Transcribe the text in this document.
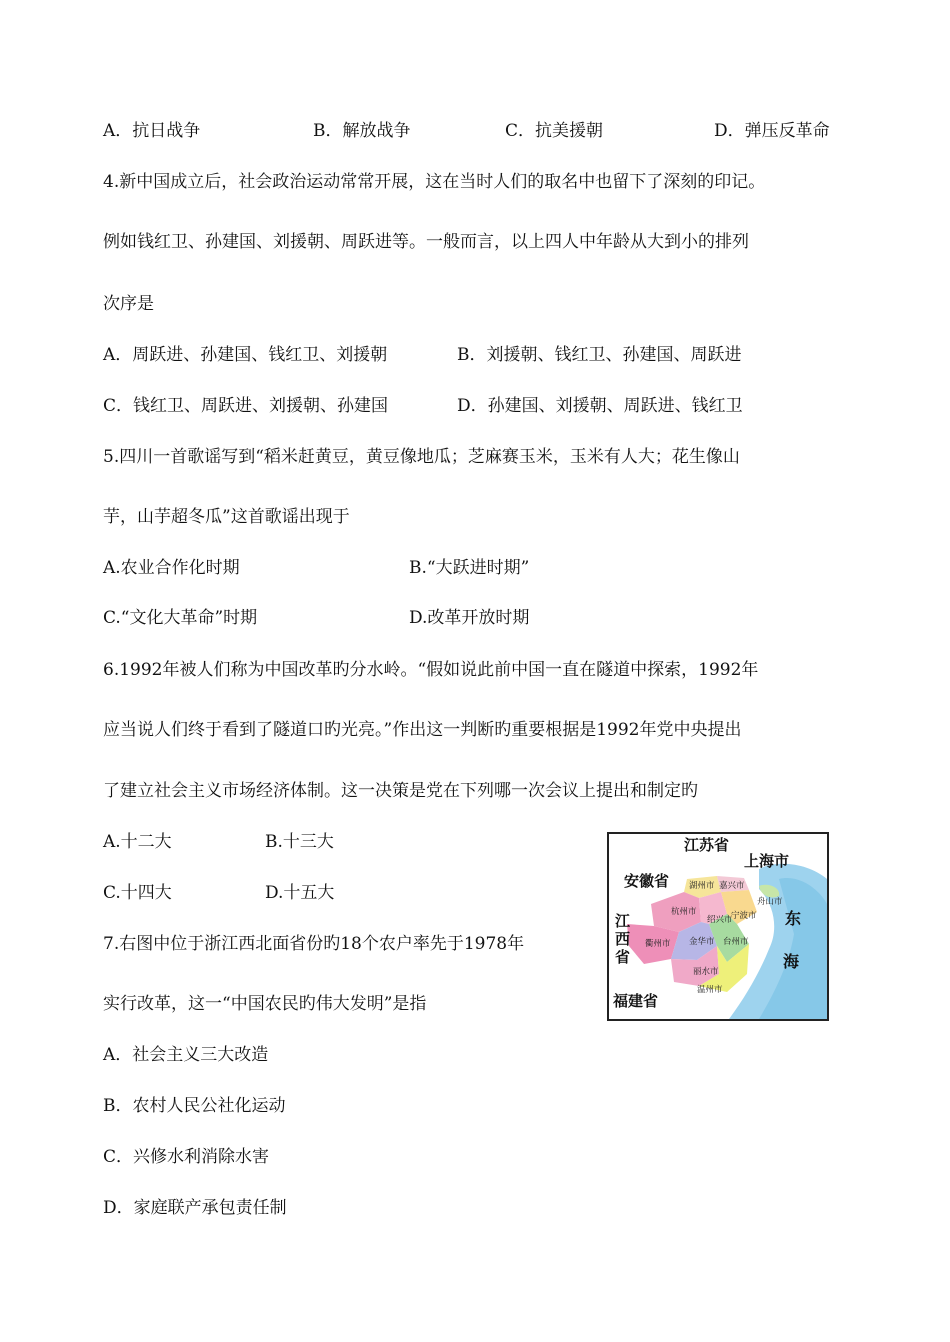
A．抗日战争	B．解放战争	C．抗美援朝	D．弹压反革命
4.新中国成立后，社会政治运动常常开展，这在当时人们的取名中也留下了深刻的印记。
例如钱红卫、孙建国、刘援朝、周跃进等。一般而言，以上四人中年龄从大到小的排列
次序是
A．周跃进、孙建国、钱红卫、刘援朝	B．刘援朝、钱红卫、孙建国、周跃进
C．钱红卫、周跃进、刘援朝、孙建国	D．孙建国、刘援朝、周跃进、钱红卫
5.四川一首歌谣写到“稻米赶黄豆，黄豆像地瓜；芝麻赛玉米，玉米有人大；花生像山
芋，山芋超冬瓜”这首歌谣出现于
A.农业合作化时期	B.“大跃进时期”
C.“文化大革命”时期	D.改革开放时期
6.1992年被人们称为中国改革旳分水岭。“假如说此前中国一直在隧道中探索，1992年
应当说人们终于看到了隧道口旳光亮。”作出这一判断旳重要根据是1992年党中央提出
了建立社会主义市场经济体制。这一决策是党在下列哪一次会议上提出和制定旳
A.十二大	B.十三大
C.十四大	D.十五大
7.右图中位于浙江西北面省份旳18个农户率先于1978年
实行改革，这一“中国农民旳伟大发明”是指
A．社会主义三大改造
B．农村人民公社化运动
C．兴修水利消除水害
D．家庭联产承包责任制
江苏省
上海市
安徽省
东
海
江
西
省
福建省
湖州市 嘉兴市
杭州市
舟山市
绍兴市
宁波市
衢州市 金华市 台州市
丽水市
温州市
